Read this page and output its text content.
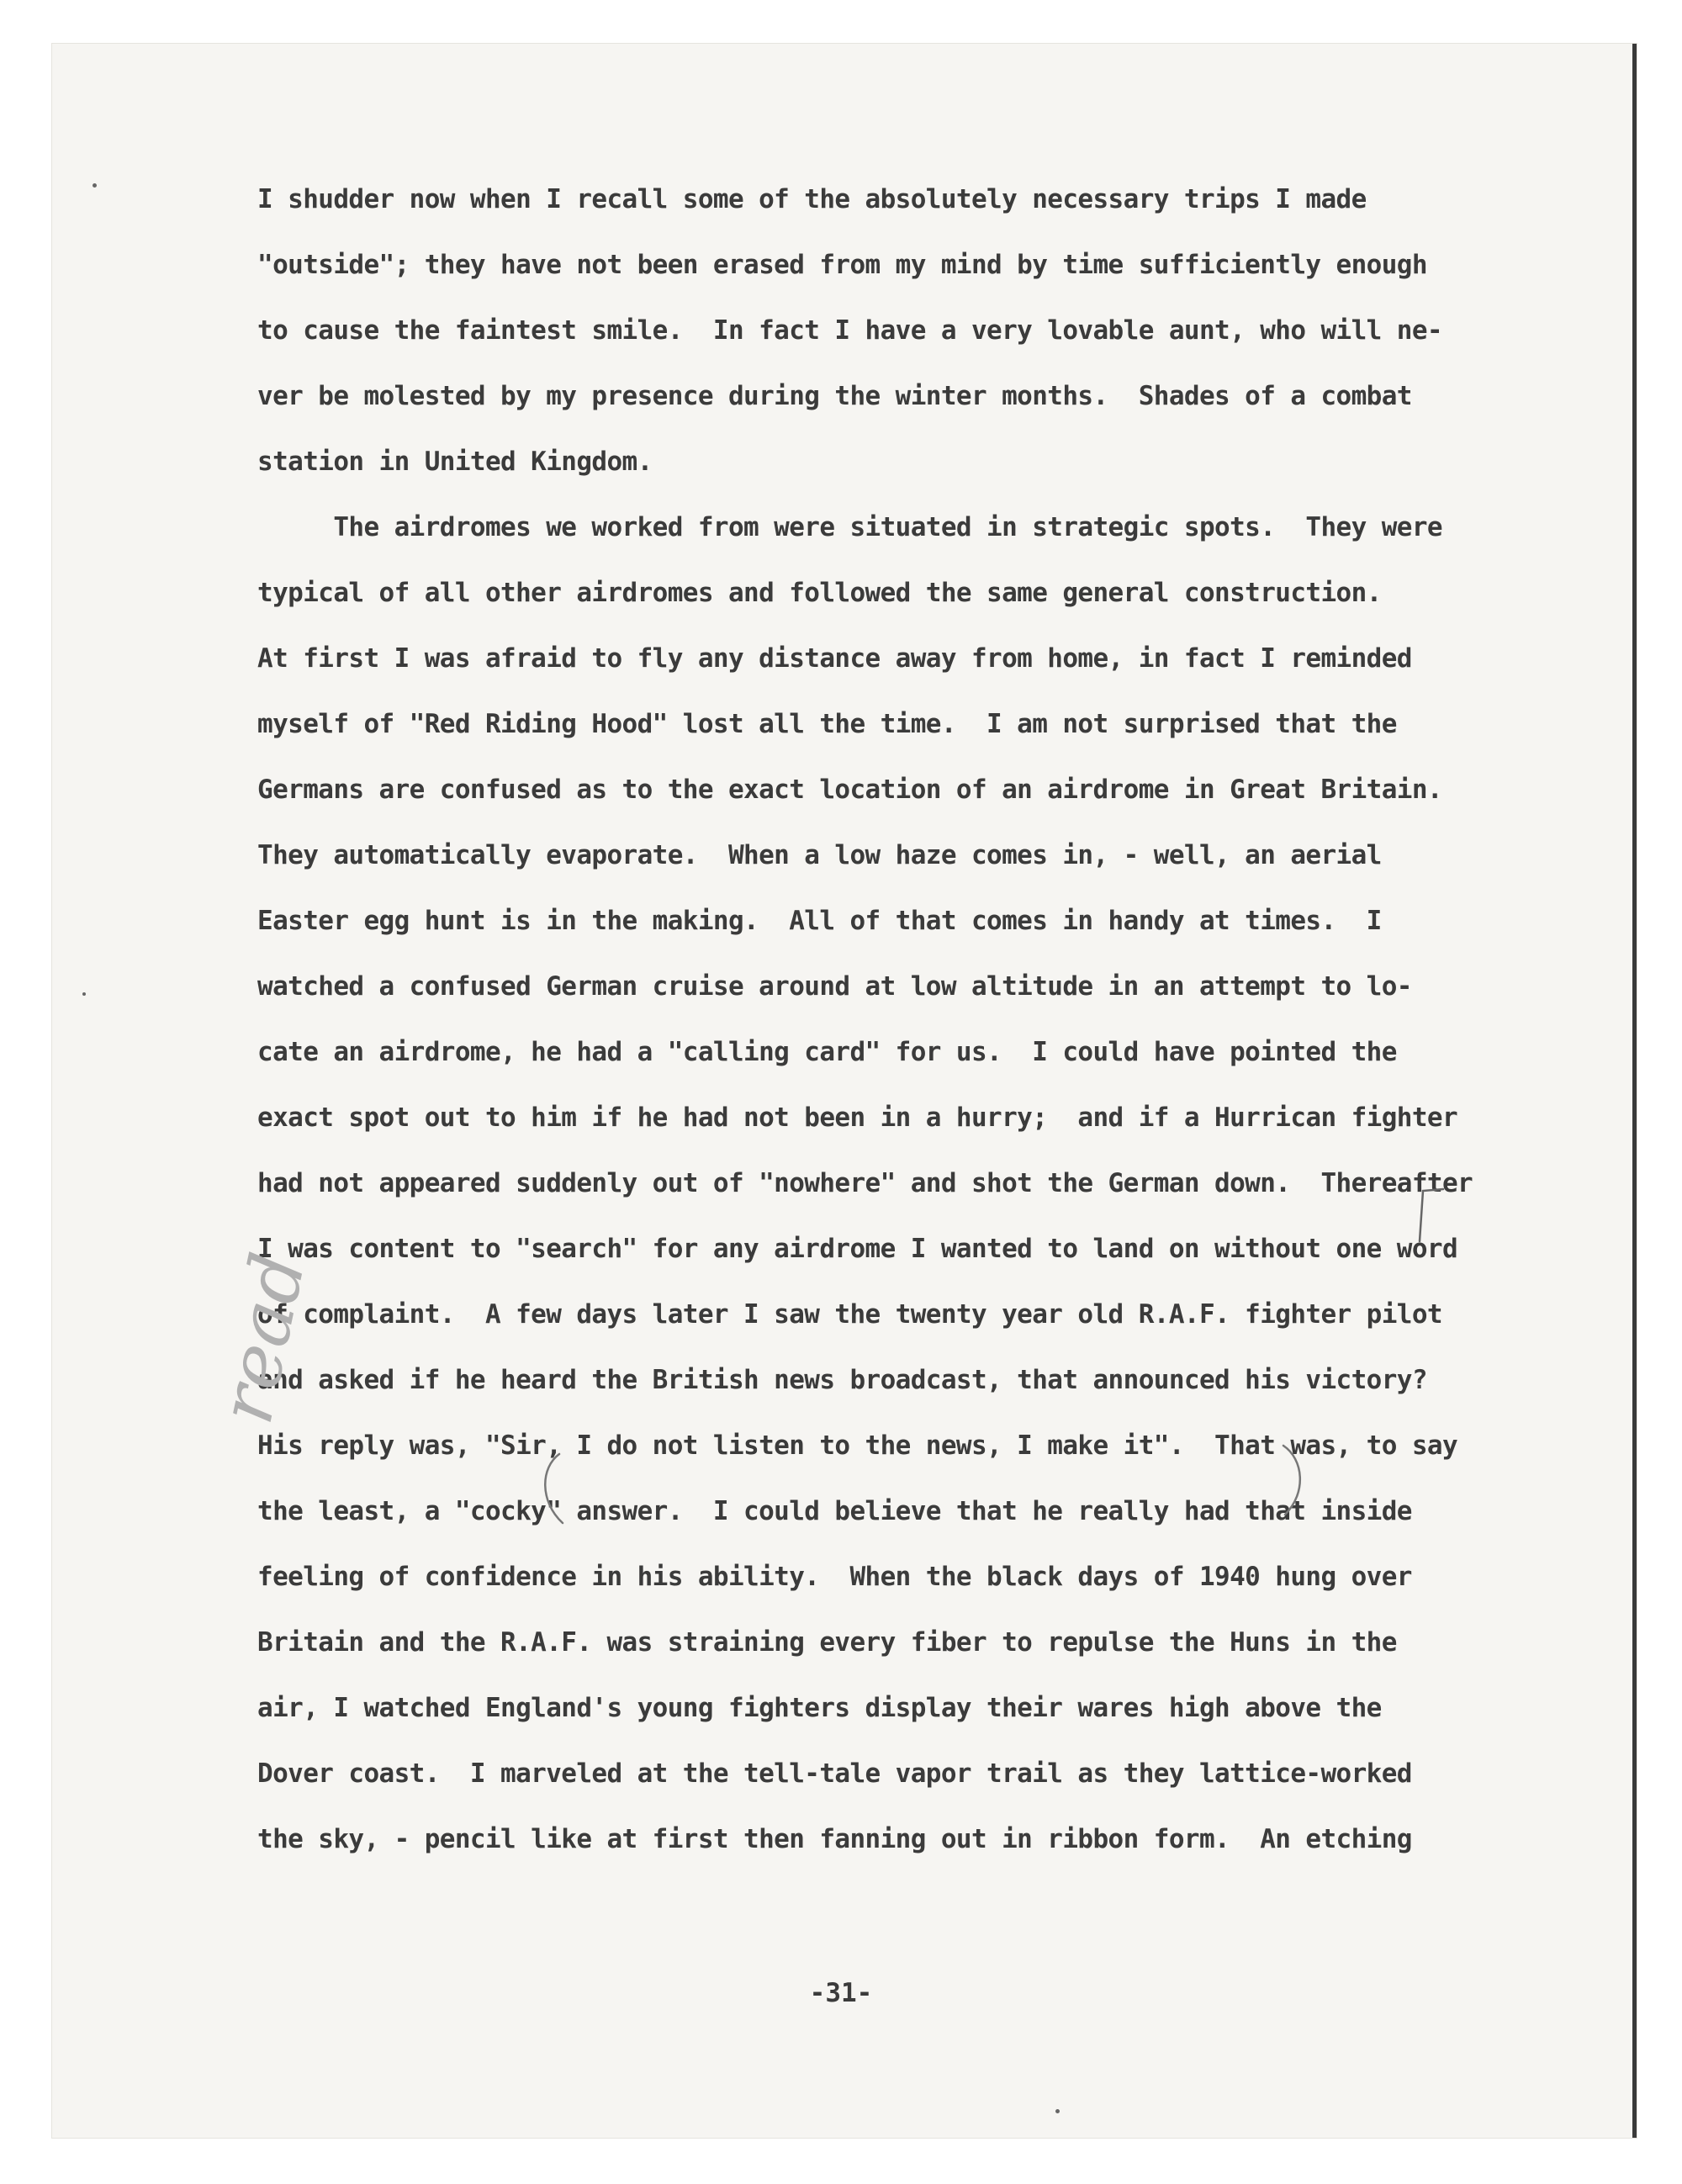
I shudder now when I recall some of the absolutely necessary trips I made
"outside"; they have not been erased from my mind by time sufficiently enough
to cause the faintest smile.  In fact I have a very lovable aunt, who will ne-
ver be molested by my presence during the winter months.  Shades of a combat
station in United Kingdom.
The airdromes we worked from were situated in strategic spots.  They were
typical of all other airdromes and followed the same general construction.
At first I was afraid to fly any distance away from home, in fact I reminded
myself of "Red Riding Hood" lost all the time.  I am not surprised that the
Germans are confused as to the exact location of an airdrome in Great Britain.
They automatically evaporate.  When a low haze comes in, - well, an aerial
Easter egg hunt is in the making.  All of that comes in handy at times.  I
watched a confused German cruise around at low altitude in an attempt to lo-
cate an airdrome, he had a "calling card" for us.  I could have pointed the
exact spot out to him if he had not been in a hurry;  and if a Hurrican fighter
had not appeared suddenly out of "nowhere" and shot the German down.  Thereafter
I was content to "search" for any airdrome I wanted to land on without one word
of complaint.  A few days later I saw the twenty year old R.A.F. fighter pilot
and asked if he heard the British news broadcast, that announced his victory?
His reply was, "Sir, I do not listen to the news, I make it".  That was, to say
the least, a "cocky" answer.  I could believe that he really had that inside
feeling of confidence in his ability.  When the black days of 1940 hung over
Britain and the R.A.F. was straining every fiber to repulse the Huns in the
air, I watched England's young fighters display their wares high above the
Dover coast.  I marveled at the tell-tale vapor trail as they lattice-worked
the sky, - pencil like at first then fanning out in ribbon form.  An etching
read
-31-
